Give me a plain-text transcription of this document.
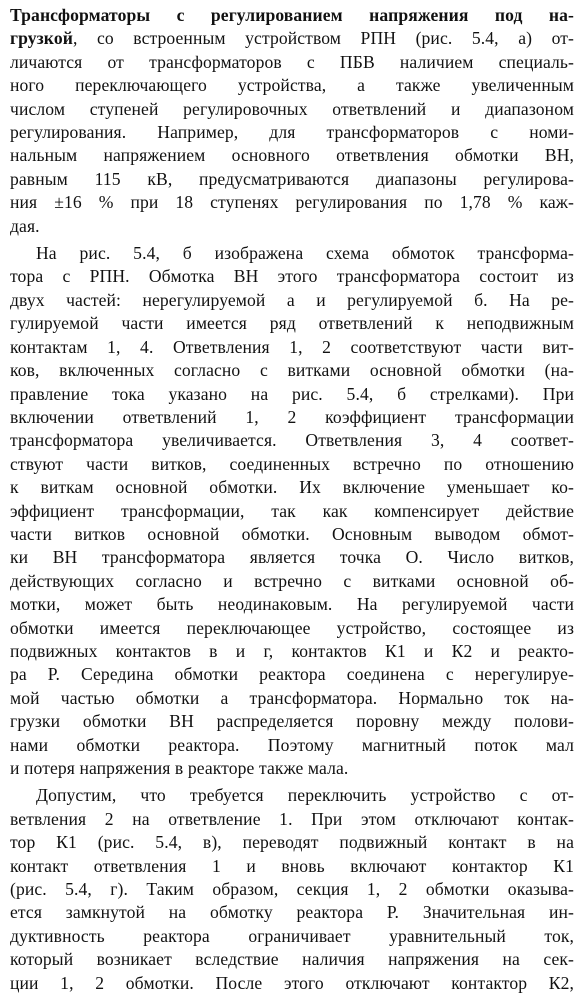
Трансформаторы с регулированием напряжения под на-
грузкой, со встроенным устройством РПН (рис. 5.4, а) от-
личаются от трансформаторов с ПБВ наличием специаль-
ного переключающего устройства, а также увеличенным
числом ступеней регулировочных ответвлений и диапазоном
регулирования. Например, для трансформаторов с номи-
нальным напряжением основного ответвления обмотки ВН,
равным 115 кВ, предусматриваются диапазоны регулирова-
ния ±16 % при 18 ступенях регулирования по 1,78 % каж-
дая.
На рис. 5.4, б изображена схема обмоток трансформа-
тора с РПН. Обмотка ВН этого трансформатора состоит из
двух частей: нерегулируемой а и регулируемой б. На ре-
гулируемой части имеется ряд ответвлений к неподвижным
контактам 1, 4. Ответвления 1, 2 соответствуют части вит-
ков, включенных согласно с витками основной обмотки (на-
правление тока указано на рис. 5.4, б стрелками). При
включении ответвлений 1, 2 коэффициент трансформации
трансформатора увеличивается. Ответвления 3, 4 соответ-
ствуют части витков, соединенных встречно по отношению
к виткам основной обмотки. Их включение уменьшает ко-
эффициент трансформации, так как компенсирует действие
части витков основной обмотки. Основным выводом обмот-
ки ВН трансформатора является точка О. Число витков,
действующих согласно и встречно с витками основной об-
мотки, может быть неодинаковым. На регулируемой части
обмотки имеется переключающее устройство, состоящее из
подвижных контактов в и г, контактов К1 и К2 и реакто-
ра Р. Середина обмотки реактора соединена с нерегулируе-
мой частью обмотки а трансформатора. Нормально ток на-
грузки обмотки ВН распределяется поровну между полови-
нами обмотки реактора. Поэтому магнитный поток мал
и потеря напряжения в реакторе также мала.
Допустим, что требуется переключить устройство с от-
ветвления 2 на ответвление 1. При этом отключают контак-
тор К1 (рис. 5.4, в), переводят подвижный контакт в на
контакт ответвления 1 и вновь включают контактор К1
(рис. 5.4, г). Таким образом, секция 1, 2 обмотки оказыва-
ется замкнутой на обмотку реактора Р. Значительная ин-
дуктивность реактора ограничивает уравнительный ток,
который возникает вследствие наличия напряжения на сек-
ции 1, 2 обмотки. После этого отключают контактор К2,
